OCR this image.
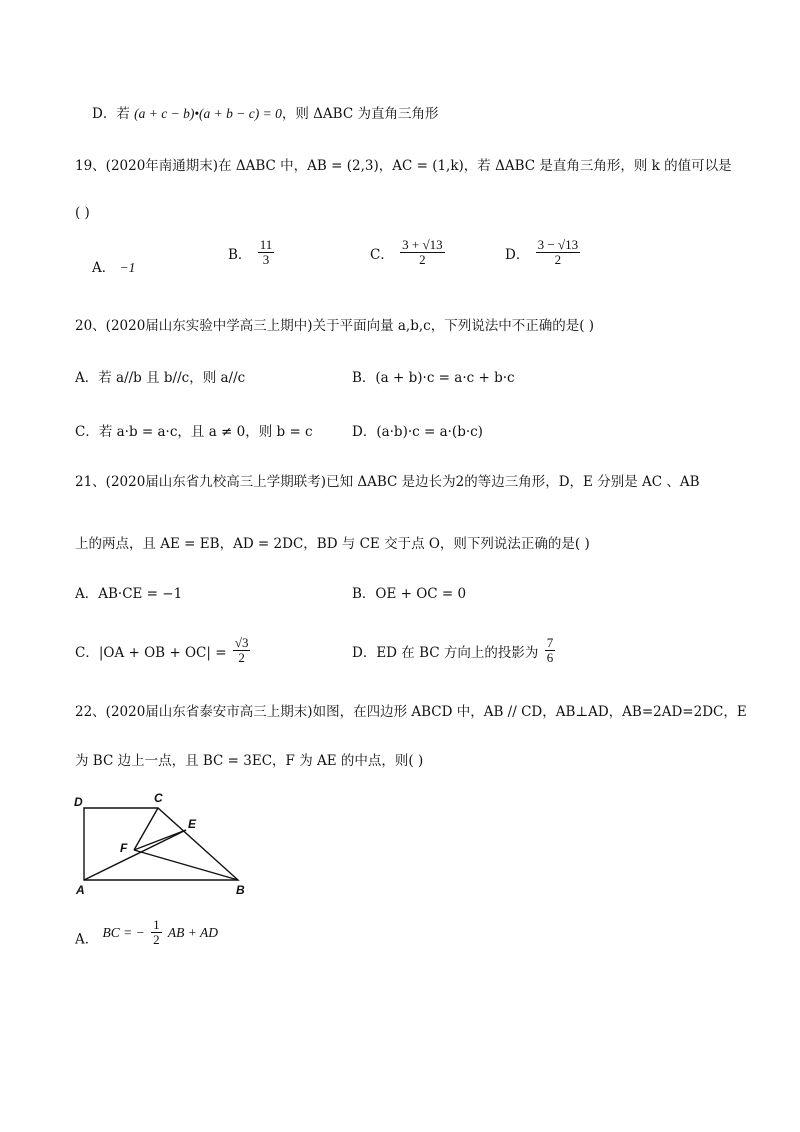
D．若 (a + c − b)•(a + b − c) = 0，则 ΔABC 为直角三角形
19、(2020年南通期末)在 ΔABC 中，AB = (2,3)，AC = (1,k)，若 ΔABC 是直角三角形，则 k 的值可以是
( )
A． −1
B． $\frac{11}{3}$	C． $\frac{3 + √13}{2}$	D． $\frac{3 - √13}{2}$
20、(2020届山东实验中学高三上期中)关于平面向量 a,b,c，下列说法中不正确的是( )
A．若 a//b 且 b//c，则 a//c	B．(a + b)·c = a·c + b·c
C．若 a·b = a·c，且 a ≠ 0，则 b = c	D．(a·b)·c = a·(b·c)
21、(2020届山东省九校高三上学期联考)已知 ΔABC 是边长为2的等边三角形，D，E 分别是 AC 、AB
上的两点，且 AE = EB，AD = 2DC，BD 与 CE 交于点 O，则下列说法正确的是( )
A．AB·CE = −1	B．OE + OC = 0
C．|OA + OB + $OC| = \frac{√3}{2}$	D．ED 在 BC 方向上的投影为 $\frac{7}{6}$
22、(2020届山东省泰安市高三上期末)如图，在四边形 ABCD 中，AB // CD，AB⊥AD，AB=2AD=2DC，E
为 BC 边上一点，且 BC = 3EC，F 为 AE 的中点，则( )
D	C
E
F
A	B
A． BC = − $\frac{1}{2}$ AB + AD
